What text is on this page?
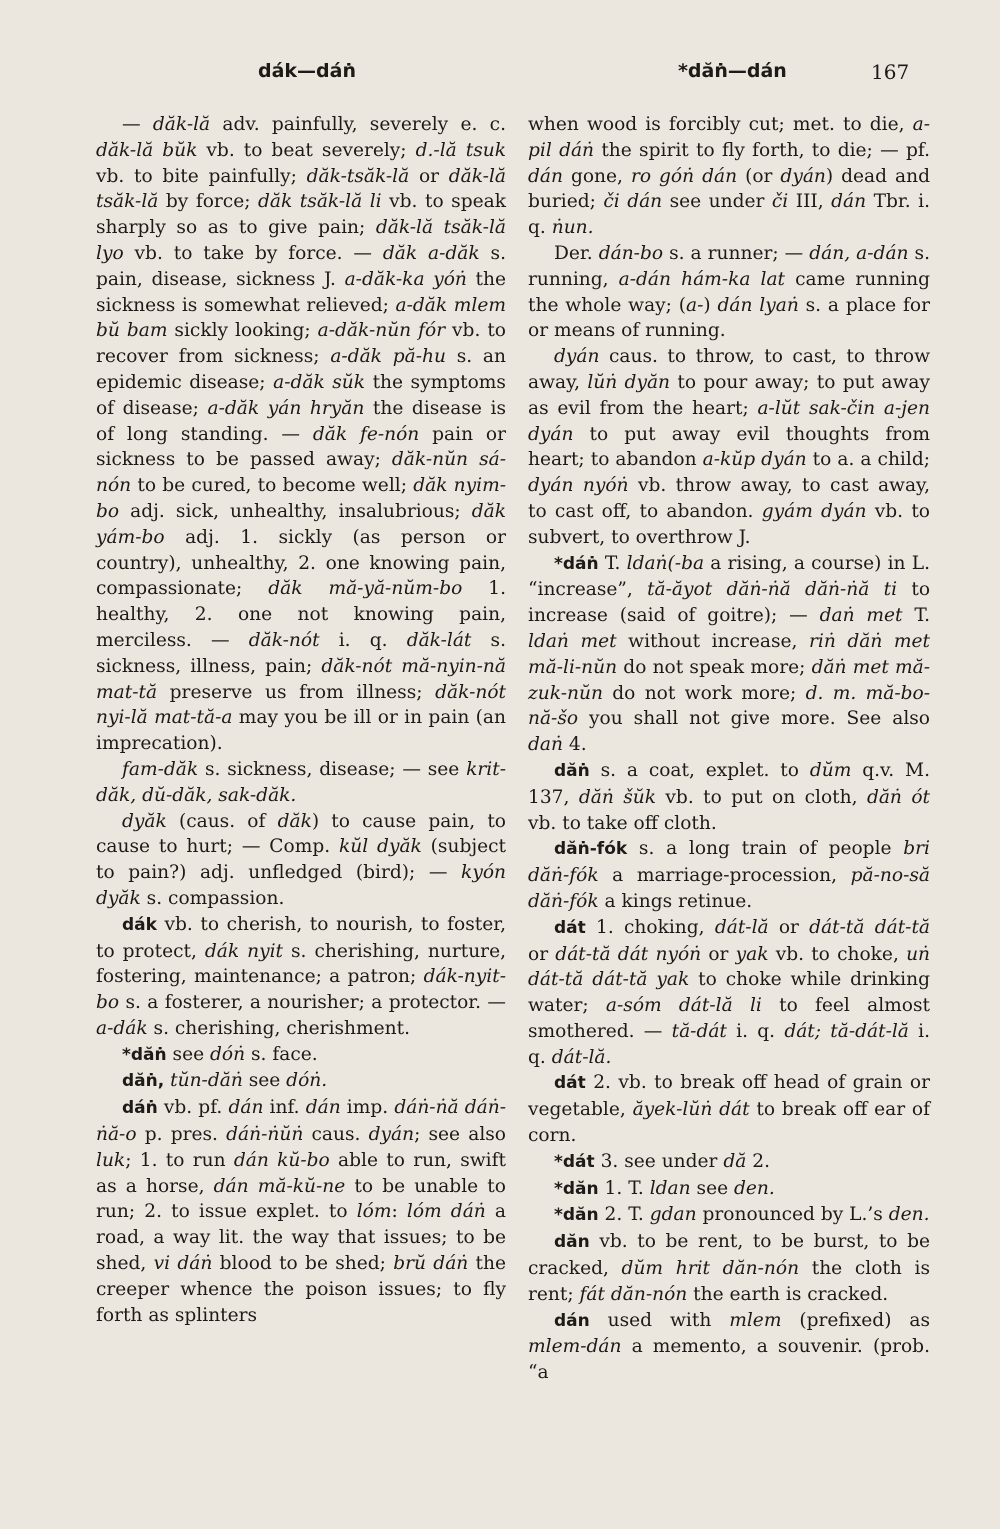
dák—dáṅ	*dăṅ—dán	167

— dăk-lă adv. painfully, severely e. c. dăk-lă bŭk vb. to beat severely; d.-lă tsuk vb. to bite painfully; dăk-tsăk-lă or dăk-lă tsăk-lă by force; dăk tsăk-lă li vb. to speak sharply so as to give pain; dăk-lă tsăk-lă lyo vb. to take by force. — dăk a-dăk s. pain, disease, sickness J. a-dăk-ka yóṅ the sickness is somewhat relieved; a-dăk mlem bŭ bam sickly looking; a-dăk-nŭn fór vb. to recover from sickness; a-dăk pă-hu s. an epidemic disease; a-dăk sŭk the symptoms of disease; a-dăk yán hryăn the disease is of long standing. — dăk fe-nón pain or sickness to be passed away; dăk-nŭn sá-nón to be cured, to become well; dăk nyim-bo adj. sick, unhealthy, insalubrious; dăk yám-bo adj. 1. sickly (as person or country), unhealthy, 2. one knowing pain, compassionate; dăk mă-yă-nŭm-bo 1. healthy, 2. one not knowing pain, merciless. — dăk-nót i. q. dăk-lát s. sickness, illness, pain; dăk-nót mă-nyin-nă mat-tă preserve us from illness; dăk-nót nyi-lă mat-tă-a may you be ill or in pain (an imprecation).

fam-dăk s. sickness, disease; — see krit-dăk, dŭ-dăk, sak-dăk.

dyăk (caus. of dăk) to cause pain, to cause to hurt; — Comp. kŭl dyăk (subject to pain?) adj. unfledged (bird); — kyón dyăk s. compassion.

dák vb. to cherish, to nourish, to foster, to protect, dák nyit s. cherishing, nurture, fostering, maintenance; a patron; dák-nyit-bo s. a fosterer, a nourisher; a protector. — a-dák s. cherishing, cherishment.

*dăṅ see dóṅ s. face.

dăṅ, tŭn-dăṅ see dóṅ.

dáṅ vb. pf. dán inf. dán imp. dáṅ-ṅă dáṅ-ṅă-o p. pres. dáṅ-ṅŭṅ caus. dyán; see also luk; 1. to run dán kŭ-bo able to run, swift as a horse, dán mă-kŭ-ne to be unable to run; 2. to issue explet. to lóm: lóm dáṅ a road, a way lit. the way that issues; to be shed, vi dáṅ blood to be shed; brŭ dáṅ the creeper whence the poison issues; to fly forth as splinters

when wood is forcibly cut; met. to die, a-pil dáṅ the spirit to fly forth, to die; — pf. dán gone, ro góṅ dán (or dyán) dead and buried; či dán see under či III, dán Tbr. i. q. ṅun.

Der. dán-bo s. a runner; — dán, a-dán s. running, a-dán hám-ka lat came running the whole way; (a-) dán lyaṅ s. a place for or means of running.

dyán caus. to throw, to cast, to throw away, lŭṅ dyăn to pour away; to put away as evil from the heart; a-lŭt sak-čin a-jen dyán to put away evil thoughts from heart; to abandon a-kŭp dyán to a. a child; dyán nyóṅ vb. throw away, to cast away, to cast off, to abandon. gyám dyán vb. to subvert, to overthrow J.

*dáṅ T. ldaṅ(-ba a rising, a course) in L. “increase”, tă-ăyot dăṅ-ṅă dăṅ-ṅă ti to increase (said of goitre); — daṅ met T. ldaṅ met without increase, riṅ dăṅ met mă-li-nŭn do not speak more; dăṅ met mă-zuk-nŭn do not work more; d. m. mă-bo-nă-šo you shall not give more. See also daṅ 4.

dăṅ s. a coat, explet. to dŭm q.v. M. 137, dăṅ šŭk vb. to put on cloth, dăṅ ót vb. to take off cloth.

dăṅ-fók s. a long train of people bri dăṅ-fók a marriage-procession, pă-no-să dăṅ-fók a kings retinue.

dát 1. choking, dát-lă or dát-tă dát-tă or dát-tă dát nyóṅ or yak vb. to choke, uṅ dát-tă dát-tă yak to choke while drinking water; a-sóm dát-lă li to feel almost smothered. — tă-dát i. q. dát; tă-dát-lă i. q. dát-lă.

dát 2. vb. to break off head of grain or vegetable, ăyek-lŭṅ dát to break off ear of corn.

*dát 3. see under dă 2.

*dăn 1. T. ldan see den.

*dăn 2. T. gdan pronounced by L.’s den.

dăn vb. to be rent, to be burst, to be cracked, dŭm hrit dăn-nón the cloth is rent; fát dăn-nón the earth is cracked.

dán used with mlem (prefixed) as mlem-dán a memento, a souvenir. (prob. “a
